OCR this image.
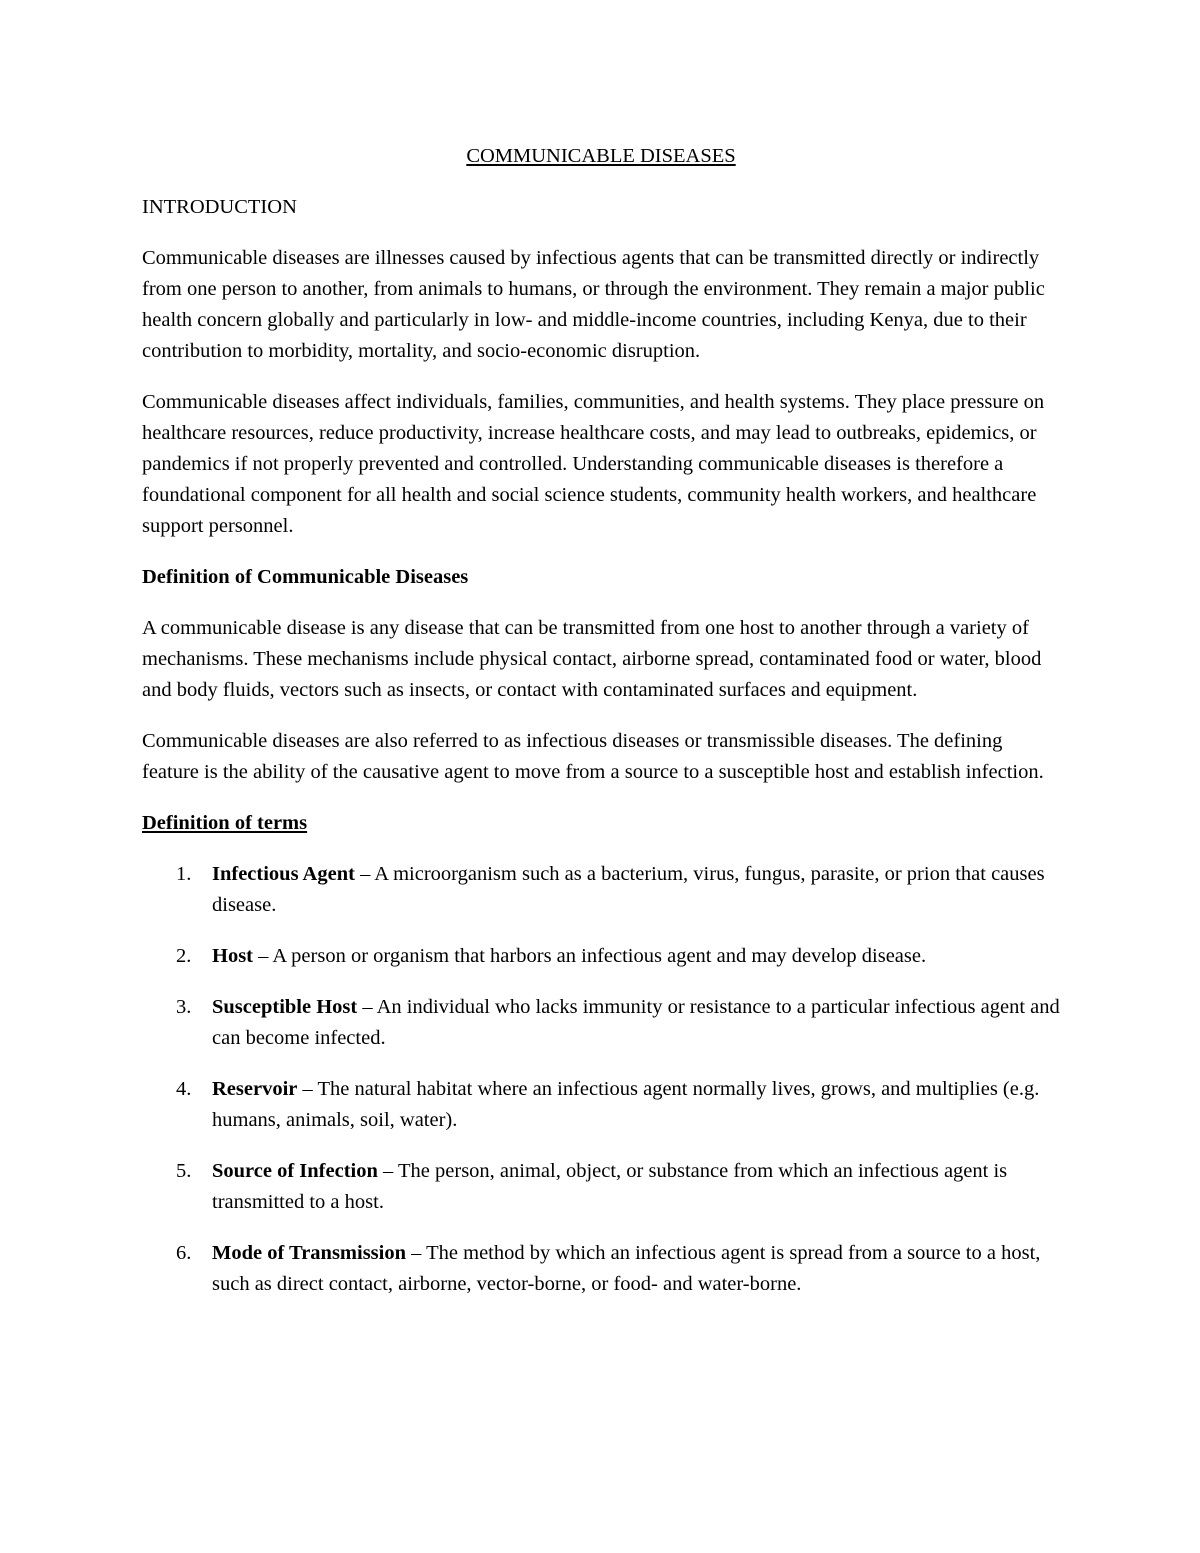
COMMUNICABLE DISEASES
INTRODUCTION

Communicable diseases are illnesses caused by infectious agents that can be transmitted directly or indirectly from one person to another, from animals to humans, or through the environment. They remain a major public health concern globally and particularly in low- and middle-income countries, including Kenya, due to their contribution to morbidity, mortality, and socio-economic disruption.

Communicable diseases affect individuals, families, communities, and health systems. They place pressure on healthcare resources, reduce productivity, increase healthcare costs, and may lead to outbreaks, epidemics, or pandemics if not properly prevented and controlled. Understanding communicable diseases is therefore a foundational component for all health and social science students, community health workers, and healthcare support personnel.

Definition of Communicable Diseases

A communicable disease is any disease that can be transmitted from one host to another through a variety of mechanisms. These mechanisms include physical contact, airborne spread, contaminated food or water, blood and body fluids, vectors such as insects, or contact with contaminated surfaces and equipment.

Communicable diseases are also referred to as infectious diseases or transmissible diseases. The defining feature is the ability of the causative agent to move from a source to a susceptible host and establish infection.

Definition of terms
1. Infectious Agent – A microorganism such as a bacterium, virus, fungus, parasite, or prion that causes disease.
2. Host – A person or organism that harbors an infectious agent and may develop disease.
3. Susceptible Host – An individual who lacks immunity or resistance to a particular infectious agent and can become infected.
4. Reservoir – The natural habitat where an infectious agent normally lives, grows, and multiplies (e.g. humans, animals, soil, water).
5. Source of Infection – The person, animal, object, or substance from which an infectious agent is transmitted to a host.
6. Mode of Transmission – The method by which an infectious agent is spread from a source to a host, such as direct contact, airborne, vector-borne, or food- and water-borne.
